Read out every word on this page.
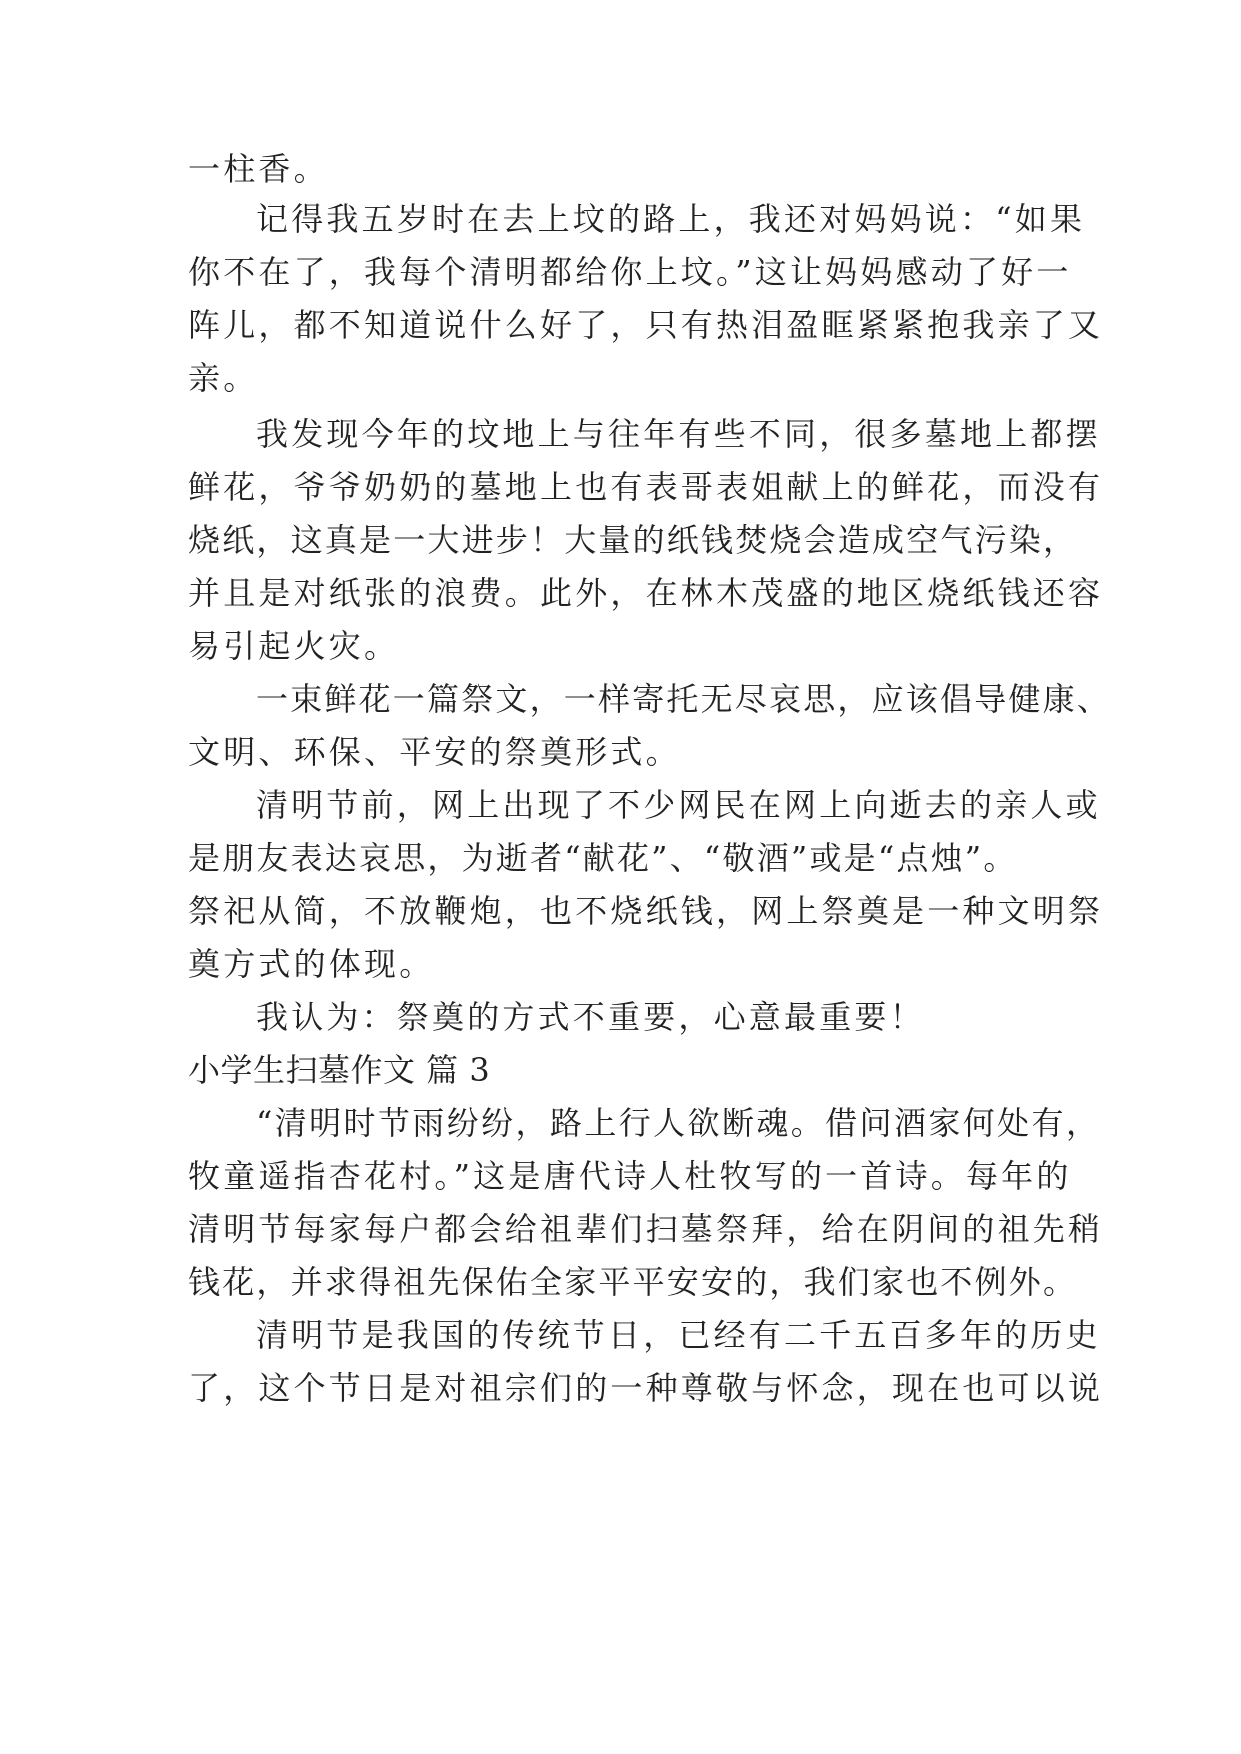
一柱香。
记得我五岁时在去上坟的路上，我还对妈妈说：“如果
你不在了，我每个清明都给你上坟。”这让妈妈感动了好一
阵儿，都不知道说什么好了，只有热泪盈眶紧紧抱我亲了又
亲。
我发现今年的坟地上与往年有些不同，很多墓地上都摆
鲜花，爷爷奶奶的墓地上也有表哥表姐献上的鲜花，而没有
烧纸，这真是一大进步！大量的纸钱焚烧会造成空气污染，
并且是对纸张的浪费。此外，在林木茂盛的地区烧纸钱还容
易引起火灾。
一束鲜花一篇祭文，一样寄托无尽哀思，应该倡导健康、
文明、环保、平安的祭奠形式。
清明节前，网上出现了不少网民在网上向逝去的亲人或
是朋友表达哀思，为逝者“献花”、“敬酒”或是“点烛”。
祭祀从简，不放鞭炮，也不烧纸钱，网上祭奠是一种文明祭
奠方式的体现。
我认为：祭奠的方式不重要，心意最重要！
小学生扫墓作文 篇 3
“清明时节雨纷纷，路上行人欲断魂。借问酒家何处有，
牧童遥指杏花村。”这是唐代诗人杜牧写的一首诗。每年的
清明节每家每户都会给祖辈们扫墓祭拜，给在阴间的祖先稍
钱花，并求得祖先保佑全家平平安安的，我们家也不例外。
清明节是我国的传统节日，已经有二千五百多年的历史
了，这个节日是对祖宗们的一种尊敬与怀念，现在也可以说
